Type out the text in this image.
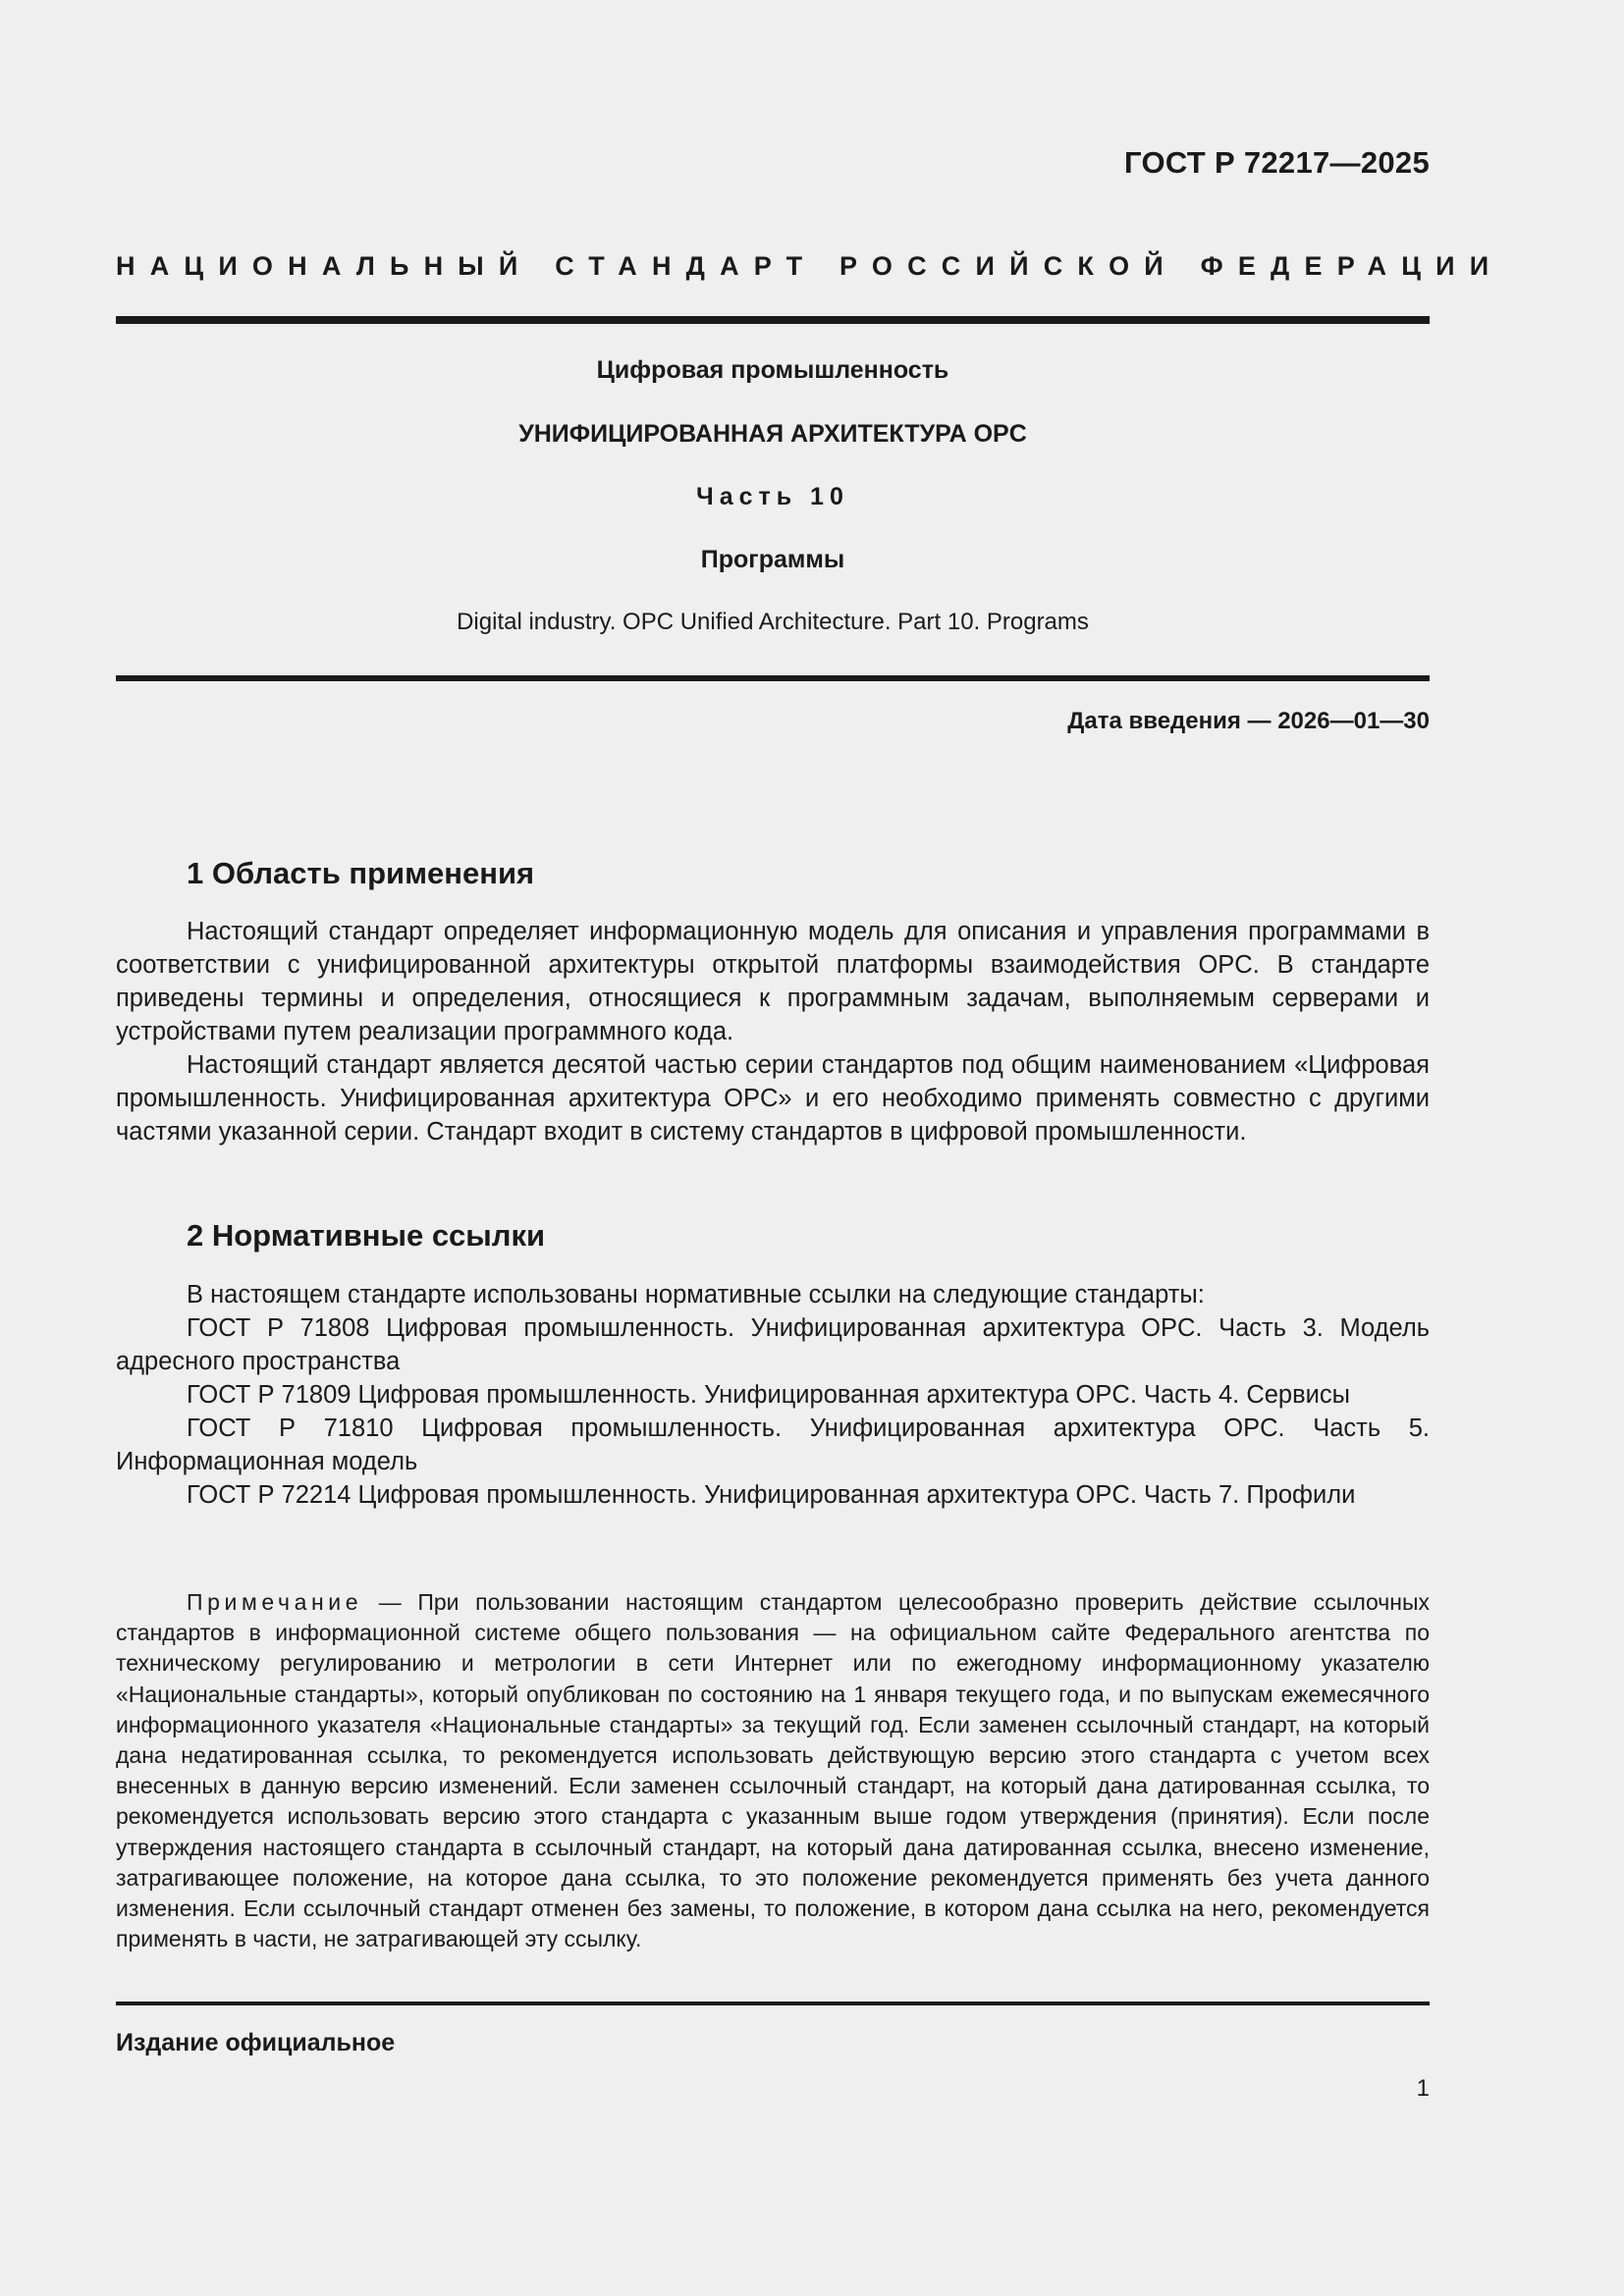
ГОСТ Р 72217—2025
НАЦИОНАЛЬНЫЙ СТАНДАРТ РОССИЙСКОЙ ФЕДЕРАЦИИ
Цифровая промышленность
УНИФИЦИРОВАННАЯ АРХИТЕКТУРА OPC
Часть 10
Программы
Digital industry. OPC Unified Architecture. Part 10. Programs
Дата введения — 2026—01—30
1 Область применения

Настоящий стандарт определяет информационную модель для описания и управления программами в соответствии с унифицированной архитектуры открытой платформы взаимодействия OPC. В стандарте приведены термины и определения, относящиеся к программным задачам, выполняемым серверами и устройствами путем реализации программного кода.

Настоящий стандарт является десятой частью серии стандартов под общим наименованием «Цифровая промышленность. Унифицированная архитектура OPC» и его необходимо применять совместно с другими частями указанной серии. Стандарт входит в систему стандартов в цифровой промышленности.

2 Нормативные ссылки

В настоящем стандарте использованы нормативные ссылки на следующие стандарты:

ГОСТ Р 71808 Цифровая промышленность. Унифицированная архитектура OPC. Часть 3. Модель адресного пространства

ГОСТ Р 71809 Цифровая промышленность. Унифицированная архитектура OPC. Часть 4. Сервисы

ГОСТ Р 71810 Цифровая промышленность. Унифицированная архитектура OPC. Часть 5. Информационная модель

ГОСТ Р 72214 Цифровая промышленность. Унифицированная архитектура OPC. Часть 7. Профили

Примечание — При пользовании настоящим стандартом целесообразно проверить действие ссылочных стандартов в информационной системе общего пользования — на официальном сайте Федерального агентства по техническому регулированию и метрологии в сети Интернет или по ежегодному информационному указателю «Национальные стандарты», который опубликован по состоянию на 1 января текущего года, и по выпускам ежемесячного информационного указателя «Национальные стандарты» за текущий год. Если заменен ссылочный стандарт, на который дана недатированная ссылка, то рекомендуется использовать действующую версию этого стандарта с учетом всех внесенных в данную версию изменений. Если заменен ссылочный стандарт, на который дана датированная ссылка, то рекомендуется использовать версию этого стандарта с указанным выше годом утверждения (принятия). Если после утверждения настоящего стандарта в ссылочный стандарт, на который дана датированная ссылка, внесено изменение, затрагивающее положение, на которое дана ссылка, то это положение рекомендуется применять без учета данного изменения. Если ссылочный стандарт отменен без замены, то положение, в котором дана ссылка на него, рекомендуется применять в части, не затрагивающей эту ссылку.
Издание официальное
1
